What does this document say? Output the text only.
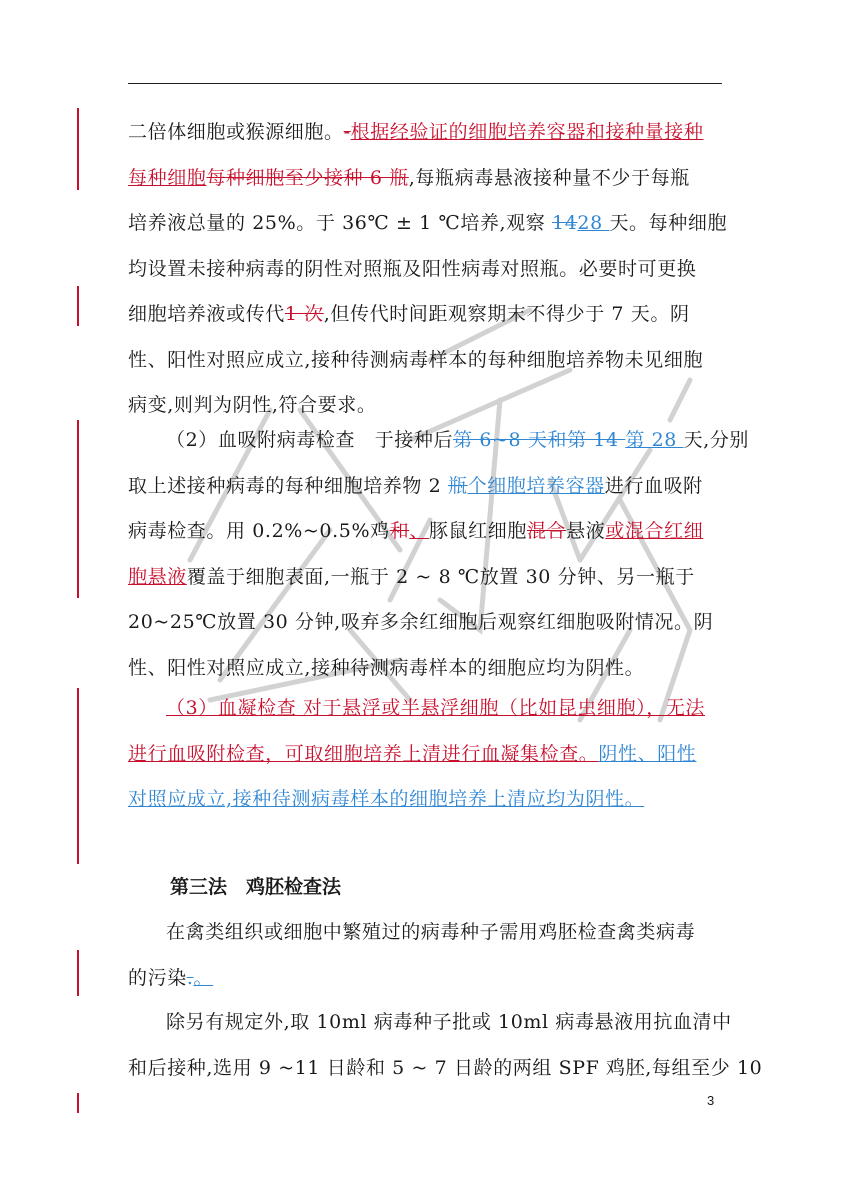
二倍体细胞或猴源细胞。-根据经验证的细胞培养容器和接种量接种
每种细胞每种细胞至少接种 6 瓶,每瓶病毒悬液接种量不少于每瓶
培养液总量的 25%。于 36℃ ± 1 ℃培养,观察 1428 天。每种细胞
均设置未接种病毒的阴性对照瓶及阳性病毒对照瓶。必要时可更换
细胞培养液或传代1 次,但传代时间距观察期末不得少于 7 天。阴
性、阳性对照应成立,接种待测病毒样本的每种细胞培养物未见细胞
病变,则判为阴性,符合要求。
（2）血吸附病毒检查　于接种后第 6~8 天和第 14 第 28 天,分别
取上述接种病毒的每种细胞培养物 2 瓶个细胞培养容器进行血吸附
病毒检查。用 0.2%~0.5%鸡和、豚鼠红细胞混合悬液或混合红细
胞悬液覆盖于细胞表面,一瓶于 2 ~ 8 ℃放置 30 分钟、另一瓶于
20~25℃放置 30 分钟,吸弃多余红细胞后观察红细胞吸附情况。阴
性、阳性对照应成立,接种待测病毒样本的细胞应均为阴性。
（3）血凝检查 对于悬浮或半悬浮细胞（比如昆虫细胞），无法
进行血吸附检查，可取细胞培养上清进行血凝集检查。阴性、阳性
对照应成立,接种待测病毒样本的细胞培养上清应均为阴性。
第三法　鸡胚检查法
在禽类组织或细胞中繁殖过的病毒种子需用鸡胚检查禽类病毒
的污染.。
除另有规定外,取 10ml 病毒种子批或 10ml 病毒悬液用抗血清中
和后接种,选用 9 ~11 日龄和 5 ~ 7 日龄的两组 SPF 鸡胚,每组至少 10
3
